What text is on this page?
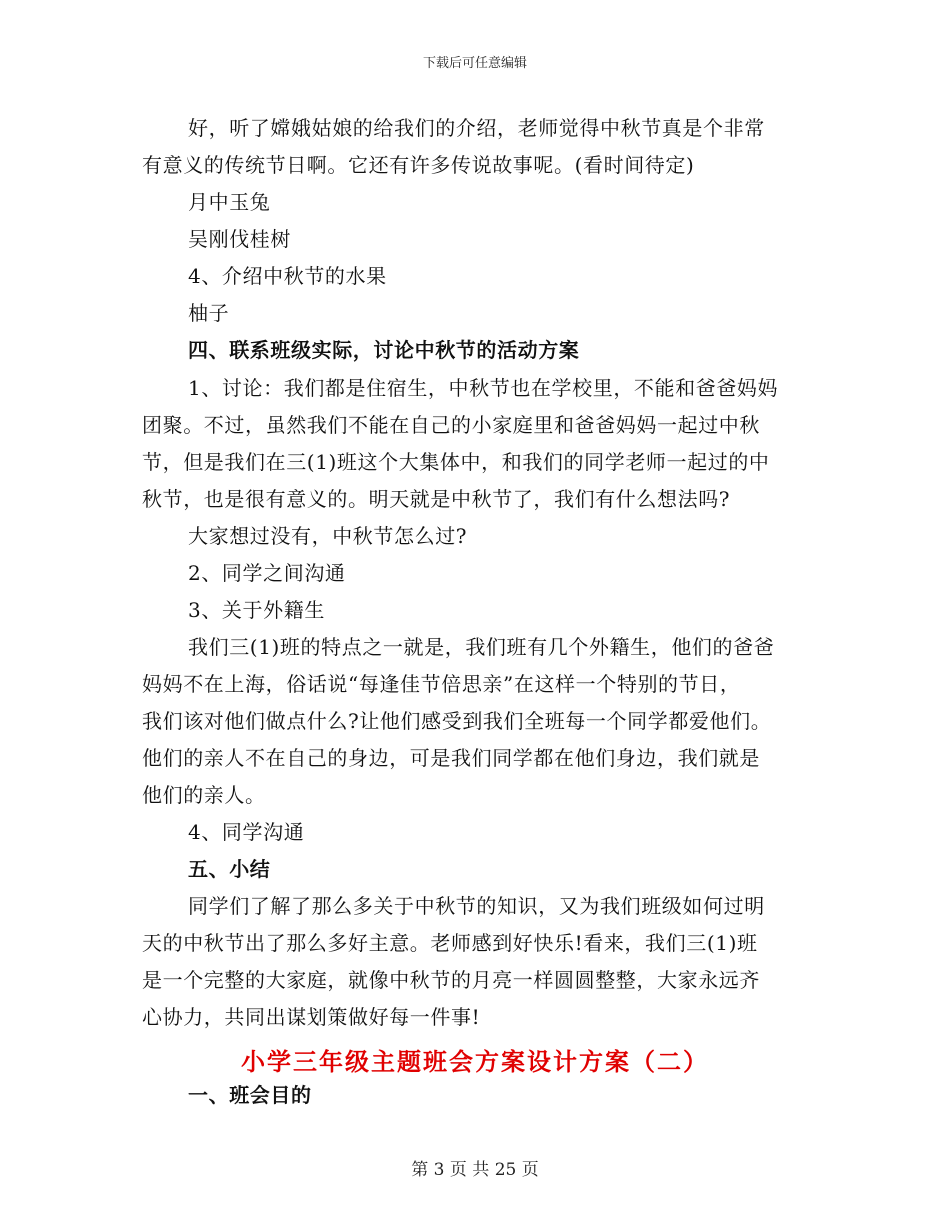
下载后可任意编辑
好，听了嫦娥姑娘的给我们的介绍，老师觉得中秋节真是个非常
有意义的传统节日啊。它还有许多传说故事呢。(看时间待定)
月中玉兔
吴刚伐桂树
4、介绍中秋节的水果
柚子
四、联系班级实际，讨论中秋节的活动方案
1、讨论：我们都是住宿生，中秋节也在学校里，不能和爸爸妈妈
团聚。不过，虽然我们不能在自己的小家庭里和爸爸妈妈一起过中秋
节，但是我们在三(1)班这个大集体中，和我们的同学老师一起过的中
秋节，也是很有意义的。明天就是中秋节了，我们有什么想法吗?
大家想过没有，中秋节怎么过?
2、同学之间沟通
3、关于外籍生
我们三(1)班的特点之一就是，我们班有几个外籍生，他们的爸爸
妈妈不在上海，俗话说“每逢佳节倍思亲”在这样一个特别的节日，
我们该对他们做点什么?让他们感受到我们全班每一个同学都爱他们。
他们的亲人不在自己的身边，可是我们同学都在他们身边，我们就是
他们的亲人。
4、同学沟通
五、小结
同学们了解了那么多关于中秋节的知识，又为我们班级如何过明
天的中秋节出了那么多好主意。老师感到好快乐!看来，我们三(1)班
是一个完整的大家庭，就像中秋节的月亮一样圆圆整整，大家永远齐
心协力，共同出谋划策做好每一件事!
小学三年级主题班会方案设计方案（二）
一、班会目的
第 3 页 共 25 页
